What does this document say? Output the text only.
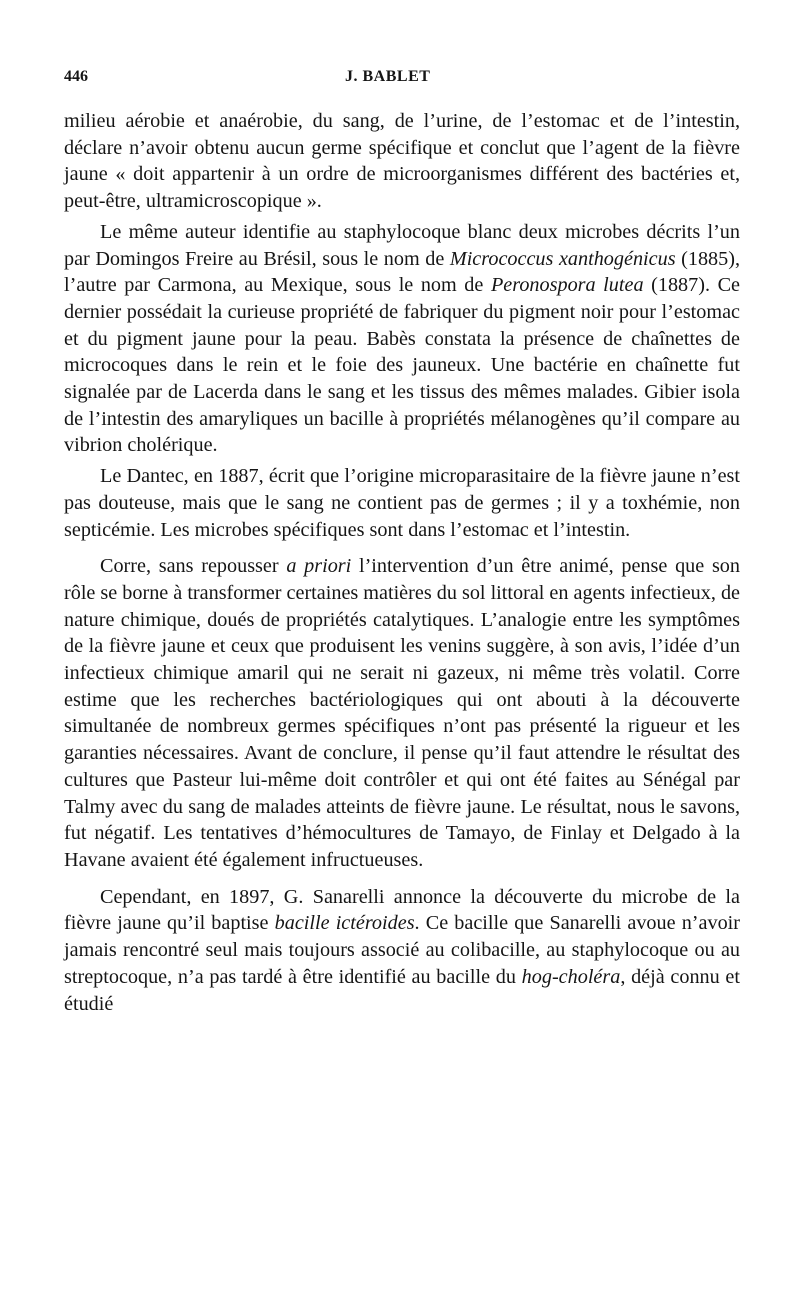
446	J. BABLET

milieu aérobie et anaérobie, du sang, de l’urine, de l’estomac et de l’intestin, déclare n’avoir obtenu aucun germe spécifique et conclut que l’agent de la fièvre jaune « doit appartenir à un ordre de microorganismes différent des bactéries et, peut-être, ultramicroscopique ».

Le même auteur identifie au staphylocoque blanc deux microbes décrits l’un par Domingos Freire au Brésil, sous le nom de Micrococcus xanthogénicus (1885), l’autre par Carmona, au Mexique, sous le nom de Peronospora lutea (1887). Ce dernier possédait la curieuse propriété de fabriquer du pigment noir pour l’estomac et du pigment jaune pour la peau. Babès constata la présence de chaînettes de microcoques dans le rein et le foie des jauneux. Une bactérie en chaînette fut signalée par de Lacerda dans le sang et les tissus des mêmes malades. Gibier isola de l’intestin des amaryliques un bacille à propriétés mélanogènes qu’il compare au vibrion cholérique.

Le Dantec, en 1887, écrit que l’origine microparasitaire de la fièvre jaune n’est pas douteuse, mais que le sang ne contient pas de germes ; il y a toxhémie, non septicémie. Les microbes spécifiques sont dans l’estomac et l’intestin.

Corre, sans repousser a priori l’intervention d’un être animé, pense que son rôle se borne à transformer certaines matières du sol littoral en agents infectieux, de nature chimique, doués de propriétés catalytiques. L’analogie entre les symptômes de la fièvre jaune et ceux que produisent les venins suggère, à son avis, l’idée d’un infectieux chimique amaril qui ne serait ni gazeux, ni même très volatil. Corre estime que les recherches bactériologiques qui ont abouti à la découverte simultanée de nombreux germes spécifiques n’ont pas présenté la rigueur et les garanties nécessaires. Avant de conclure, il pense qu’il faut attendre le résultat des cultures que Pasteur lui-même doit contrôler et qui ont été faites au Sénégal par Talmy avec du sang de malades atteints de fièvre jaune. Le résultat, nous le savons, fut négatif. Les tentatives d’hémocultures de Tamayo, de Finlay et Delgado à la Havane avaient été également infructueuses.

Cependant, en 1897, G. Sanarelli annonce la découverte du microbe de la fièvre jaune qu’il baptise bacille ictéroides. Ce bacille que Sanarelli avoue n’avoir jamais rencontré seul mais toujours associé au colibacille, au staphylocoque ou au streptocoque, n’a pas tardé à être identifié au bacille du hog-choléra, déjà connu et étudié
